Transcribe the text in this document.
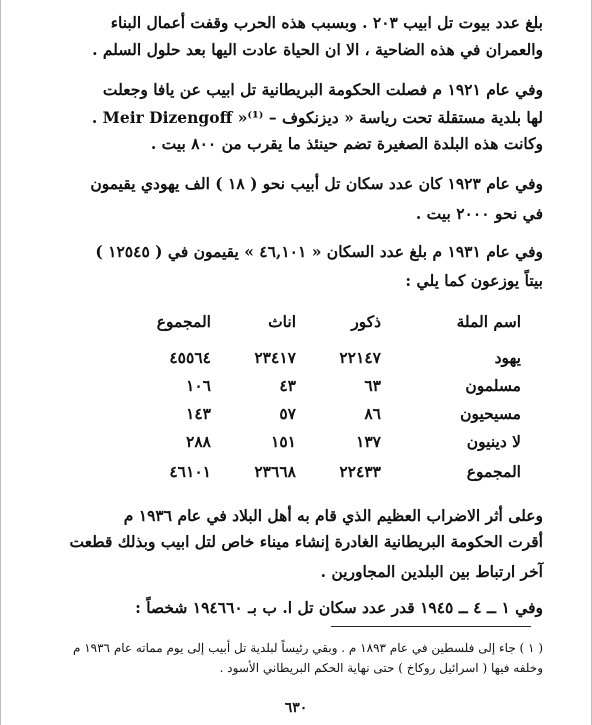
بلغ عدد بيوت تل ابيب ٢٠٣ . وبسبب هذه الحرب وقفت أعمال البناء
والعمران في هذه الضاحية ، الا ان الحياة عادت اليها بعد حلول السلم .
وفي عام ١٩٢١ م فصلت الحكومة البريطانية تل ابيب عن يافا وجعلت
لها بلدية مستقلة تحت رياسة « ديزنكوف – Meir Dizengoff »⁽¹⁾ .
وكانت هذه البلدة الصغيرة تضم حينئذ ما يقرب من ٨٠٠ بيت .
وفي عام ١٩٢٣ كان عدد سكان تل أبيب نحو ( ١٨ ) الف يهودي يقيمون
في نحو ٢٠٠٠ بيت .
وفي عام ١٩٣١ م بلغ عدد السكان « ٤٦,١٠١ » يقيمون في ( ١٢٥٤٥ )
بيتاً يوزعون كما يلي :
اسم الملة
ذكور
اناث
المجموع
يهود
٢٢١٤٧
٢٣٤١٧
٤٥٥٦٤
مسلمون
٦٣
٤٣
١٠٦
مسيحيون
٨٦
٥٧
١٤٣
لا دينيون
١٣٧
١٥١
٢٨٨
المجموع
٢٢٤٣٣
٢٣٦٦٨
٤٦١٠١
وعلى أثر الاضراب العظيم الذي قام به أهل البلاد في عام ١٩٣٦ م
أقرت الحكومة البريطانية الغادرة إنشاء ميناء خاص لتل ابيب وبذلك قطعت
آخر ارتباط بين البلدين المجاورين .
وفي ١ ــ ٤ ــ ١٩٤٥ قدر عدد سكان تل ا. ب بـ ١٩٤٦٦٠ شخصاً :
( ١ ) جاء إلى فلسطين في عام ١٨٩٣ م . وبقي رئيساً لبلدية تل أبيب إلى يوم مماته عام ١٩٣٦ م
وخلفه فيها ( اسرائيل روكاخ ) حتى نهاية الحكم البريطاني الأسود .
٦٣٠
